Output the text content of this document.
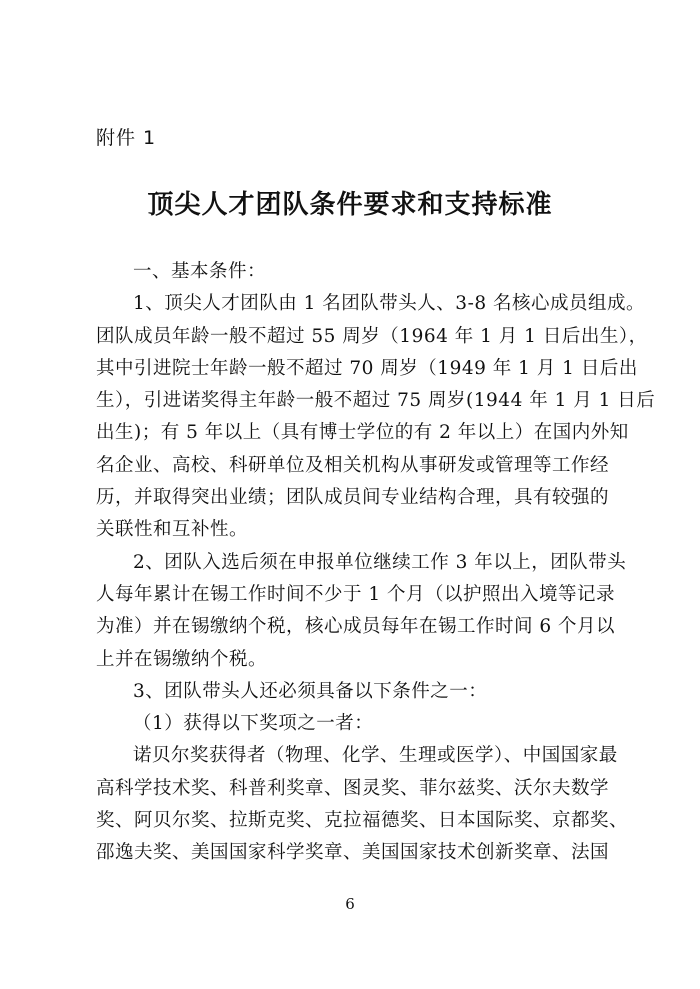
附件 1
顶尖人才团队条件要求和支持标准
一、基本条件：
1、顶尖人才团队由 1 名团队带头人、3-8 名核心成员组成。
团队成员年龄一般不超过 55 周岁（1964 年 1 月 1 日后出生），
其中引进院士年龄一般不超过 70 周岁（1949 年 1 月 1 日后出
生），引进诺奖得主年龄一般不超过 75 周岁(1944 年 1 月 1 日后
出生)；有 5 年以上（具有博士学位的有 2 年以上）在国内外知
名企业、高校、科研单位及相关机构从事研发或管理等工作经
历，并取得突出业绩；团队成员间专业结构合理，具有较强的
关联性和互补性。
2、团队入选后须在申报单位继续工作 3 年以上，团队带头
人每年累计在锡工作时间不少于 1 个月（以护照出入境等记录
为准）并在锡缴纳个税，核心成员每年在锡工作时间 6 个月以
上并在锡缴纳个税。
3、团队带头人还必须具备以下条件之一：
（1）获得以下奖项之一者：
诺贝尔奖获得者（物理、化学、生理或医学）、中国国家最
高科学技术奖、科普利奖章、图灵奖、菲尔兹奖、沃尔夫数学
奖、阿贝尔奖、拉斯克奖、克拉福德奖、日本国际奖、京都奖、
邵逸夫奖、美国国家科学奖章、美国国家技术创新奖章、法国
6
